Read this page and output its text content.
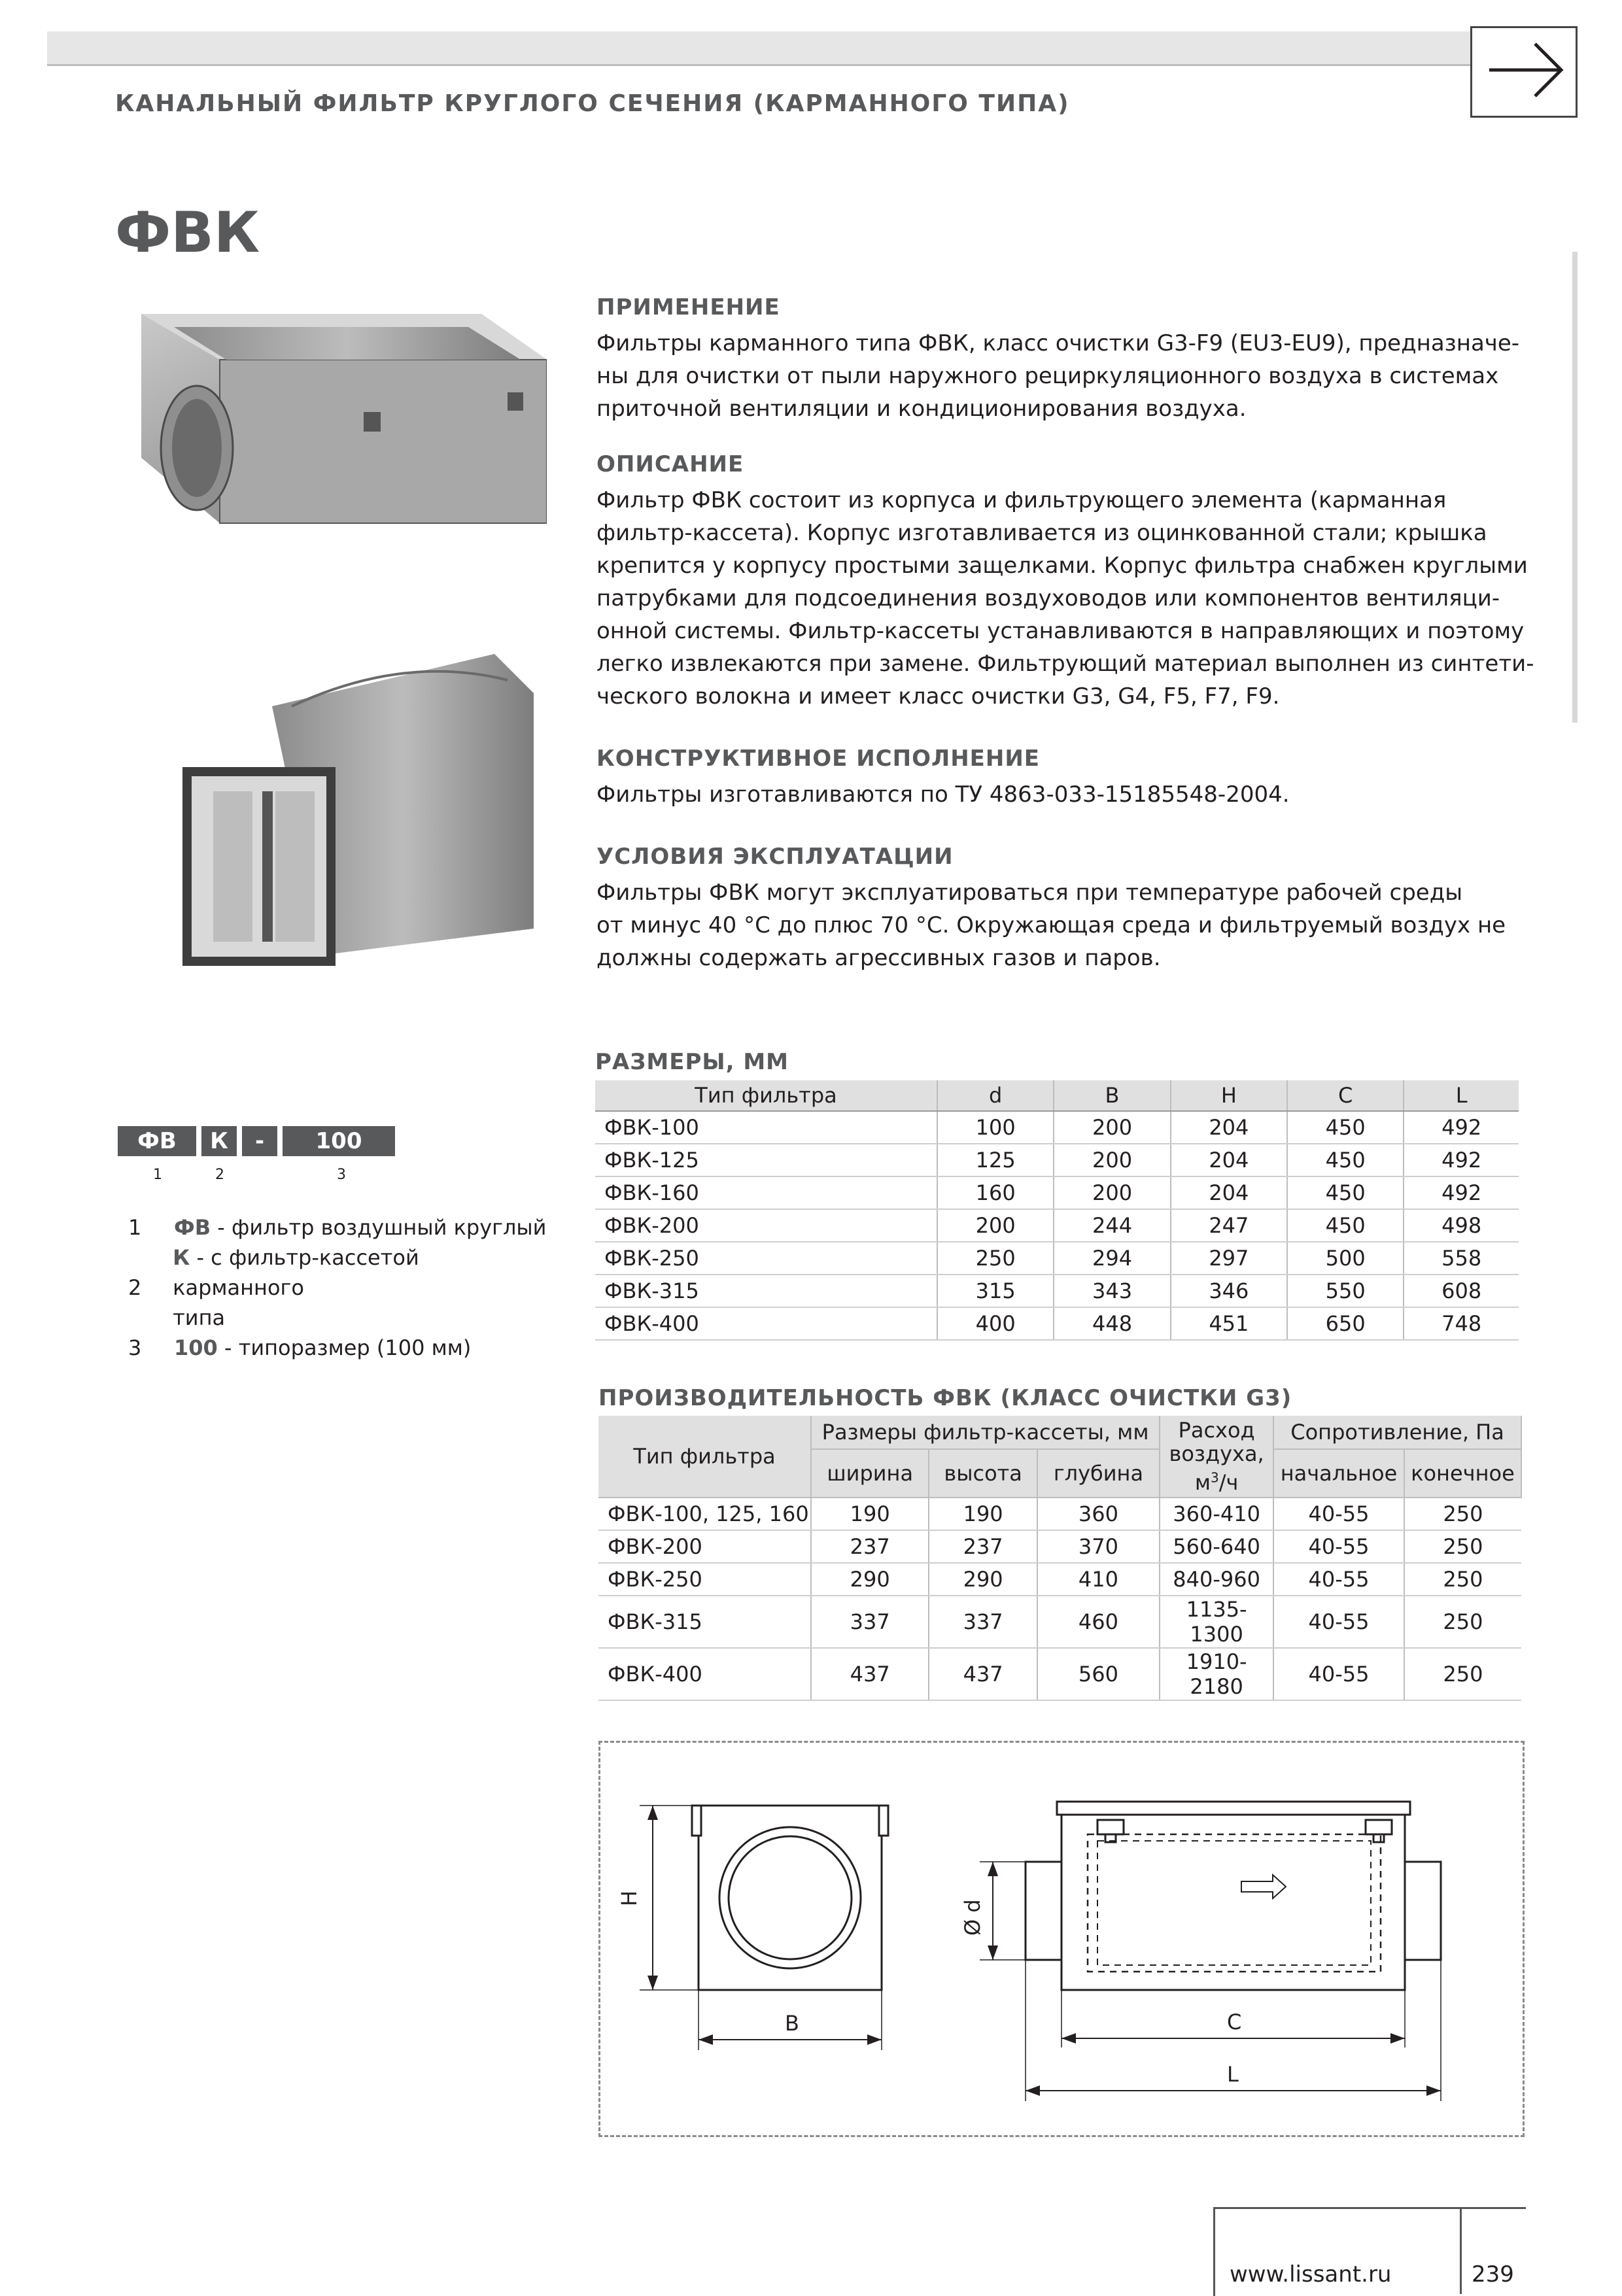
КАНАЛЬНЫЙ ФИЛЬТР КРУГЛОГО СЕЧЕНИЯ (КАРМАННОГО ТИПА)
ФВК
ПРИМЕНЕНИЕ
Фильтры карманного типа ФВК, класс очистки G3-F9 (EU3-EU9), предназначе-
ны для очистки от пыли наружного рециркуляционного воздуха в системах
приточной вентиляции и кондиционирования воздуха.
ОПИСАНИЕ
Фильтр ФВК состоит из корпуса и фильтрующего элемента (карманная
фильтр-кассета). Корпус изготавливается из оцинкованной стали; крышка
крепится у корпусу простыми защелками. Корпус фильтра снабжен круглыми
патрубками для подсоединения воздуховодов или компонентов вентиляци-
онной системы. Фильтр-кассеты устанавливаются в направляющих и поэтому
легко извлекаются при замене. Фильтрующий материал выполнен из синтети-
ческого волокна и имеет класс очистки G3, G4, F5, F7, F9.
КОНСТРУКТИВНОЕ ИСПОЛНЕНИЕ
Фильтры изготавливаются по ТУ 4863-033-15185548-2004.
УСЛОВИЯ ЭКСПЛУАТАЦИИ
Фильтры ФВК могут эксплуатироваться при температуре рабочей среды
от минус 40 °С до плюс 70 °С. Окружающая среда и фильтруемый воздух не
должны содержать агрессивных газов и паров.
ФВ	К	-	100
1	2	3
1	ФВ - фильтр воздушный круглый
2
К - с фильтр-кассетой карманного
типа
3	100 - типоразмер (100 мм)
РАЗМЕРЫ, ММ
Тип фильтра	d	B	H	C	L
ФВК-100	100	200	204	450	492
ФВК-125	125	200	204	450	492
ФВК-160	160	200	204	450	492
ФВК-200	200	244	247	450	498
ФВК-250	250	294	297	500	558
ФВК-315	315	343	346	550	608
ФВК-400	400	448	451	650	748
ПРОИЗВОДИТЕЛЬНОСТЬ ФВК (КЛАСС ОЧИСТКИ G3)
Тип фильтра	Размеры фильтр-кассеты, мм			Расход воздуха,
$м^3/ч$	Сопротивление, Па	
	ширина	высота	глубина		начальное	конечное
ФВК-100, 125, 160	190	190	360	360-410	40-55	250
ФВК-200	237	237	370	560-640	40-55	250
ФВК-250	290	290	410	840-960	40-55	250
ФВК-315	337	337	460	1135-1300	40-55	250
ФВК-400	437	437	560	1910-2180	40-55	250
H
B
Ø d
C
L
www.lissant.ru	239
